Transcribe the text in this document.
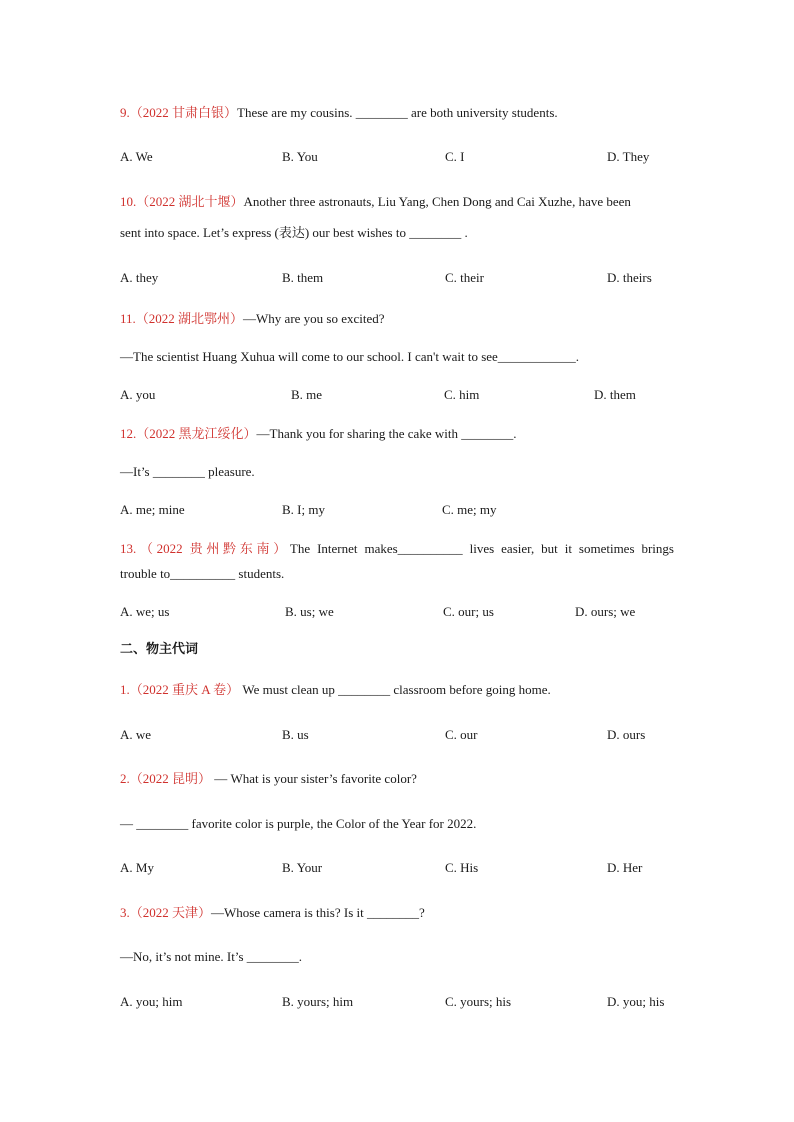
9.（2022 甘肃白银）These are my cousins. ________ are both university students.
A. We	B. You	C. I	D. They
10.（2022 湖北十堰）Another three astronauts, Liu Yang, Chen Dong and Cai Xuzhe, have been
sent into space. Let’s express (表达) our best wishes to ________ .
A. they	B. them	C. their	D. theirs
11.（2022 湖北鄂州）—Why are you so excited?
—The scientist Huang Xuhua will come to our school. I can't wait to see____________.
A. you	B. me	C. him	D. them
12.（2022 黑龙江绥化）—Thank you for sharing the cake with ________.
—It’s ________ pleasure.
A. me; mine	B. I; my	C. me; my
13.（2022 贵州黔东南）The Internet makes__________ lives easier, but it sometimes brings
trouble to__________ students.
A. we; us	B. us; we	C. our; us	D. ours; we
二、物主代词
1.（2022 重庆 A 卷） We must clean up ________ classroom before going home.
A. we	B. us	C. our	D. ours
2.（2022 昆明） — What is your sister’s favorite color?
— ________ favorite color is purple, the Color of the Year for 2022.
A. My	B. Your	C. His	D. Her
3.（2022 天津）—Whose camera is this? Is it ________?
—No, it’s not mine. It’s ________.
A. you; him	B. yours; him	C. yours; his	D. you; his
